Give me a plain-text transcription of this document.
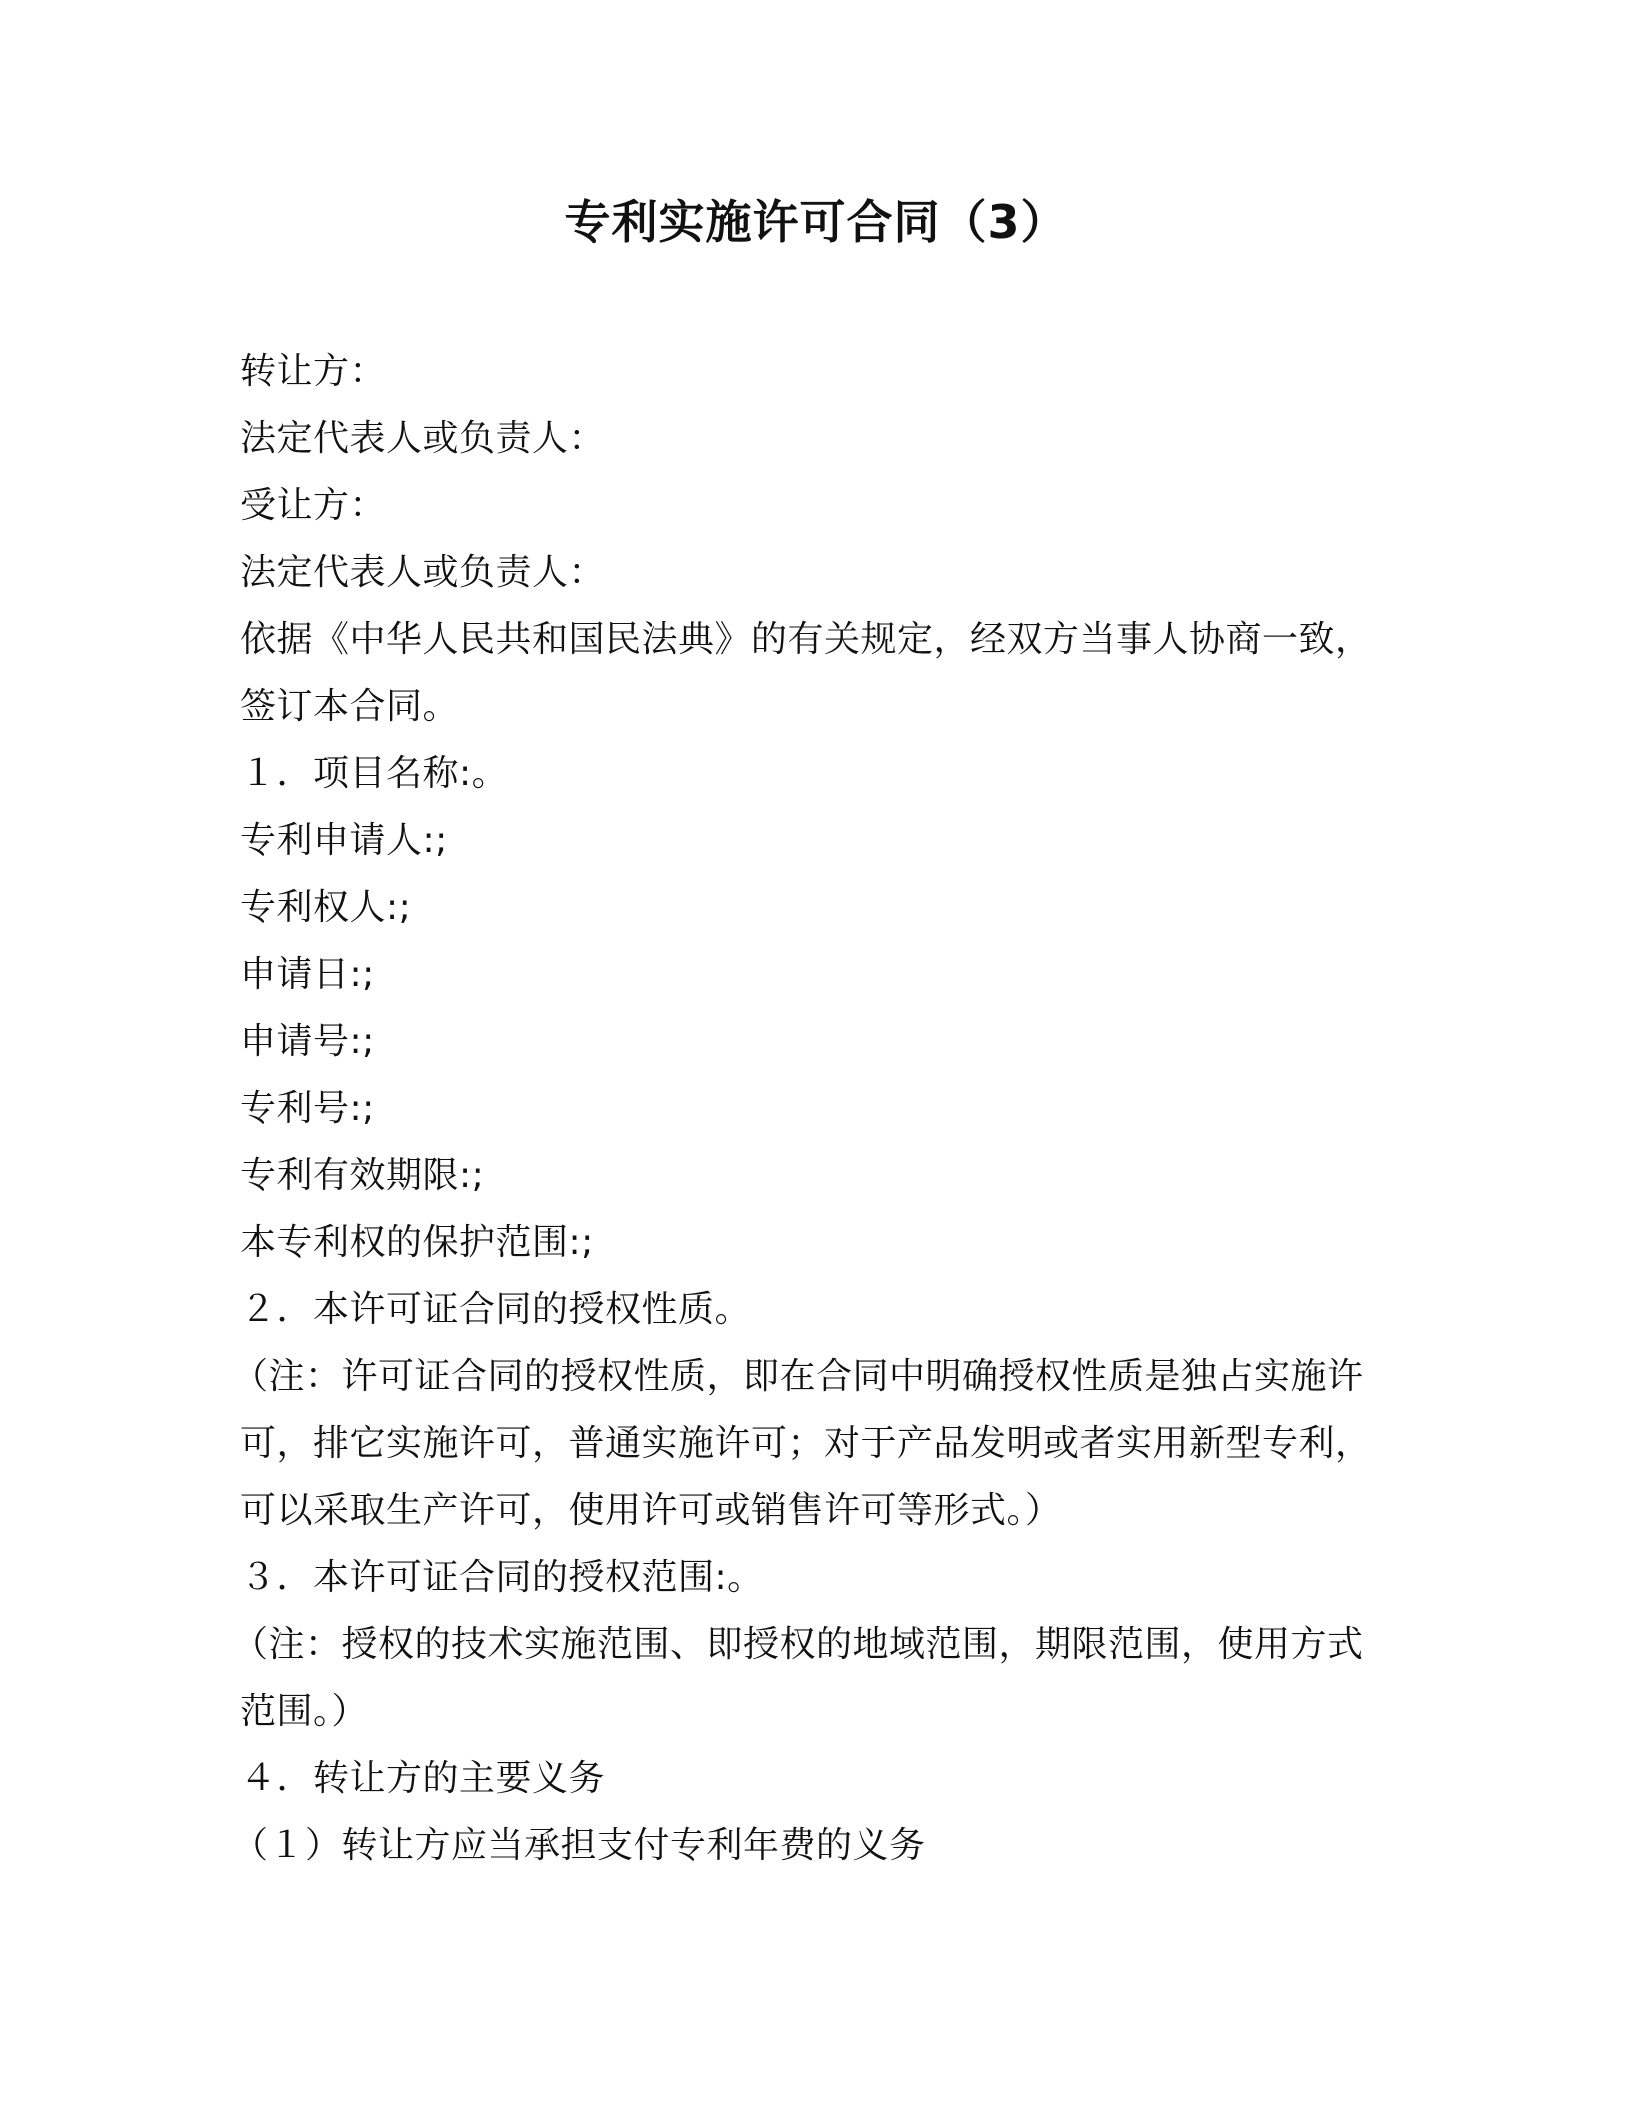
专利实施许可合同（3）
转让方：
法定代表人或负责人：
受让方：
法定代表人或负责人：
依据《中华人民共和国民法典》的有关规定，经双方当事人协商一致，
签订本合同。
１．项目名称:。
专利申请人:;
专利权人:;
申请日:;
申请号:;
专利号:;
专利有效期限:;
本专利权的保护范围:;
２．本许可证合同的授权性质。
（注：许可证合同的授权性质，即在合同中明确授权性质是独占实施许
可，排它实施许可，普通实施许可；对于产品发明或者实用新型专利，
可以采取生产许可，使用许可或销售许可等形式。）
３．本许可证合同的授权范围:。
（注：授权的技术实施范围、即授权的地域范围，期限范围，使用方式
范围。）
４．转让方的主要义务
（１）转让方应当承担支付专利年费的义务
